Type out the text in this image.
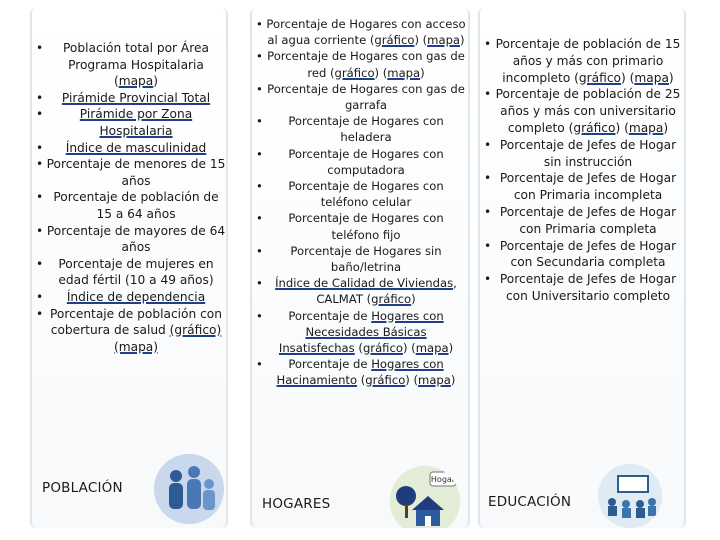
• Población total por Área Programa Hospitalaria (mapa)
• Pirámide Provincial Total
• Pirámide por Zona Hospitalaria
• Índice de masculinidad
• Porcentaje de menores de 15 años
• Porcentaje de población de 15 a 64 años
• Porcentaje de mayores de 64 años
• Porcentaje de mujeres en edad fértil (10 a 49 años)
• Índice de dependencia
• Porcentaje de población con cobertura de salud (gráfico)(mapa)
POBLACIÓN
• Porcentaje de Hogares con acceso al agua corriente (gráfico) (mapa)
• Porcentaje de Hogares con gas de red (gráfico) (mapa)
• Porcentaje de Hogares con gas de garrafa
• Porcentaje de Hogares con heladera
• Porcentaje de Hogares con computadora
• Porcentaje de Hogares con teléfono celular
• Porcentaje de Hogares con teléfono fijo
• Porcentaje de Hogares sin baño/letrina
• Índice de Calidad de Viviendas, CALMAT (gráfico)
• Porcentaje de Hogares con Necesidades Básicas Insatisfechas (gráfico) (mapa)
• Porcentaje de Hogares con Hacinamiento (gráfico) (mapa)
HOGARES
Hogar
• Porcentaje de población de 15 años y más con primario incompleto (gráfico) (mapa)
• Porcentaje de población de 25 años y más con universitario completo (gráfico) (mapa)
• Porcentaje de Jefes de Hogar sin instrucción
• Porcentaje de Jefes de Hogar con Primaria incompleta
• Porcentaje de Jefes de Hogar con Primaria completa
• Porcentaje de Jefes de Hogar con Secundaria completa
• Porcentaje de Jefes de Hogar con Universitario completo
EDUCACIÓN
